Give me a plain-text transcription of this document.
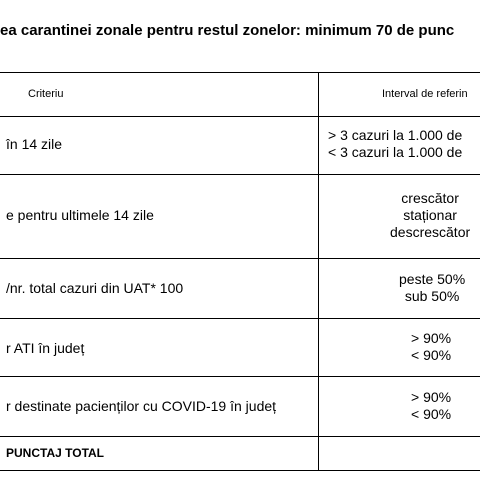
ea carantinei zonale pentru restul zonelor: minimum 70 de punc
Criteriu	Interval de referin
în 14 zile
> 3 cazuri la 1.000 de
< 3 cazuri la 1.000 de
e pentru ultimele 14 zile
crescător
staționar
descrescător
/nr. total cazuri din UAT* 100
peste 50%
sub 50%
r ATI în județ
> 90%
< 90%
r destinate pacienților cu COVID-19 în județ
> 90%
< 90%
PUNCTAJ TOTAL
